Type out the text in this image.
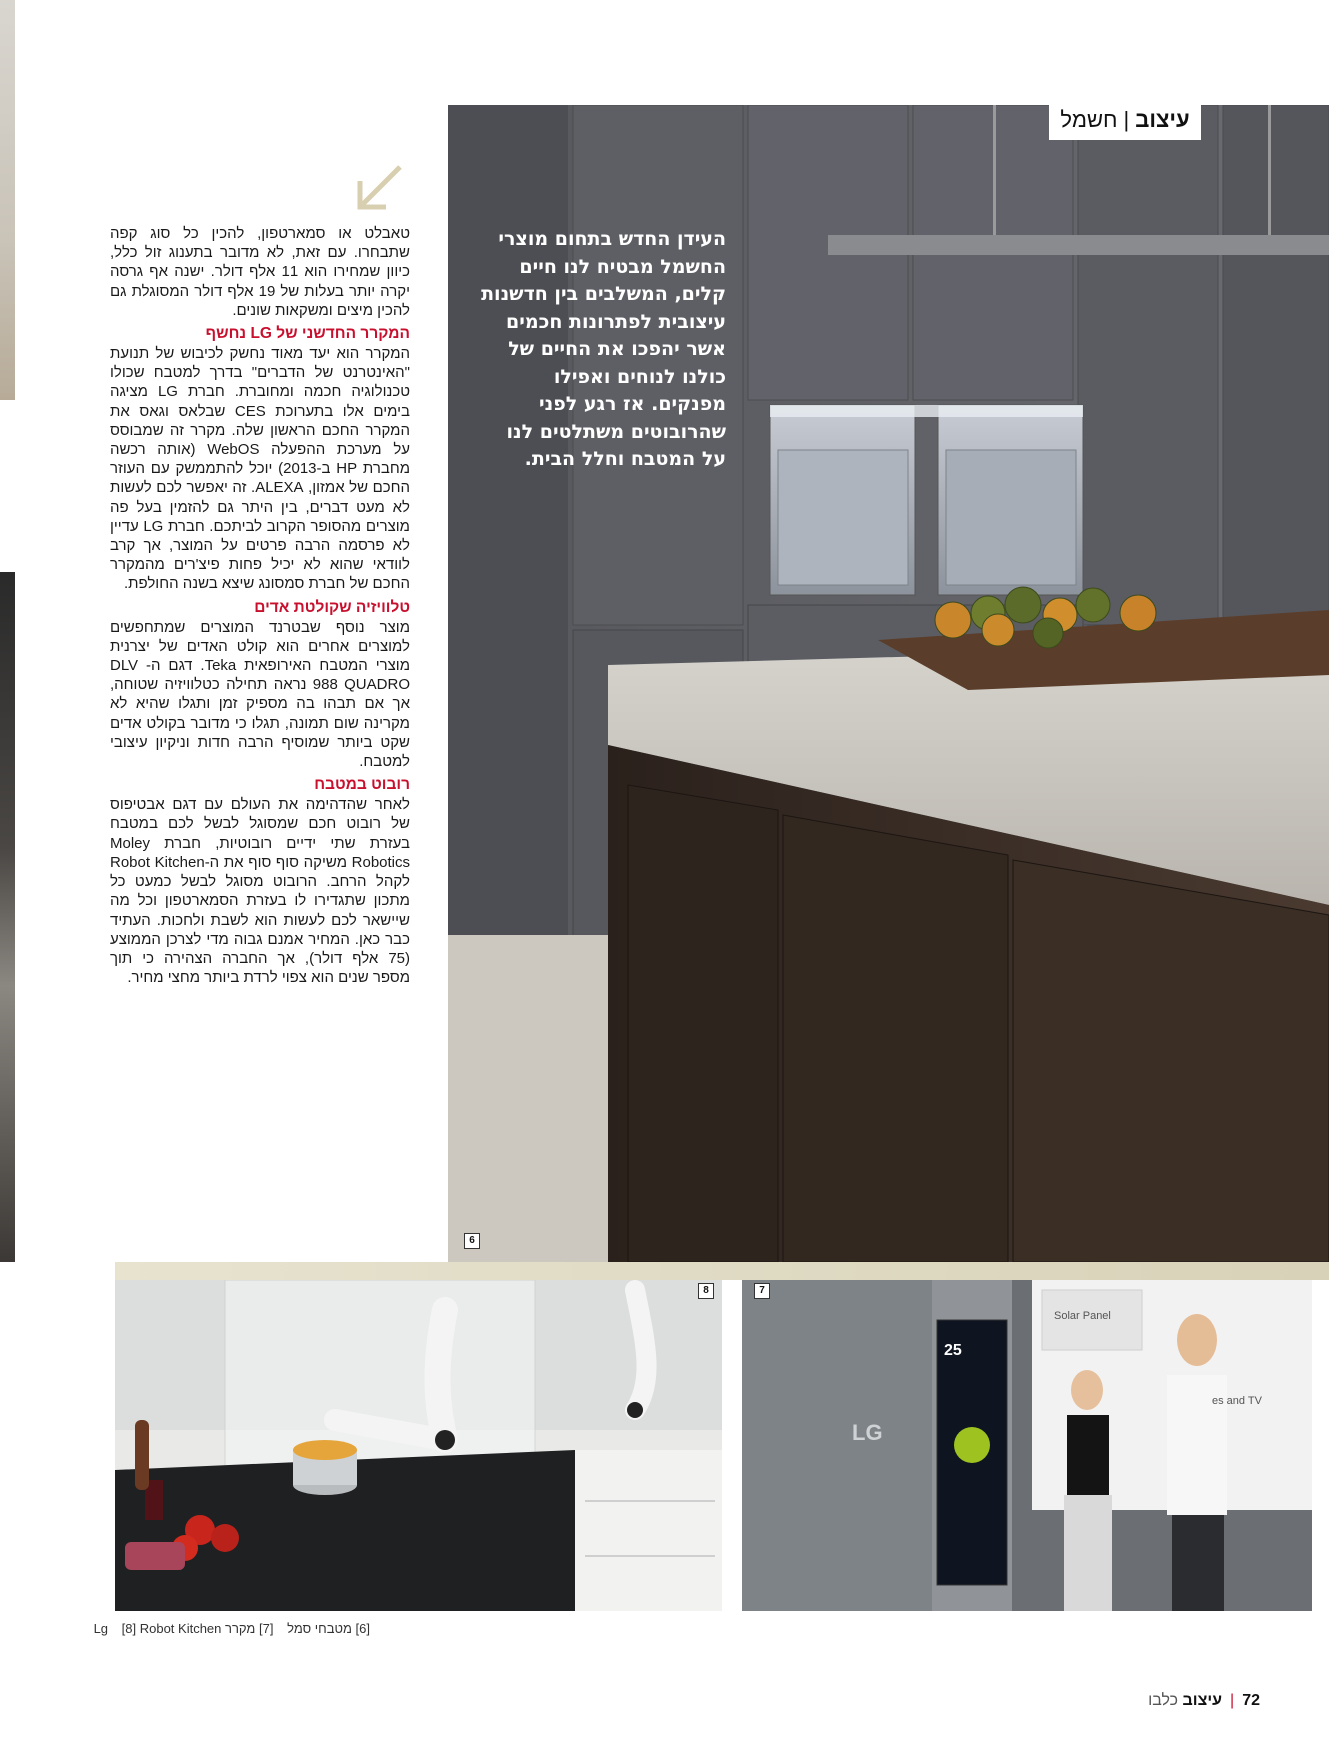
עיצוב|חשמל
העידן החדש בתחום מוצרי החשמל מבטיח לנו חיים קלים, המשלבים בין חדשנות עיצובית לפתרונות חכמים אשר יהפכו את החיים של כולנו לנוחים ואפילו מפנקים. אז רגע לפני שהרובוטים משתלטים לנו על המטבח וחלל הבית.
6

טאבלט או סמארטפון, להכין כל סוג קפה שתבחרו. עם זאת, לא מדובר בתענוג זול כלל, כיוון שמחירו הוא 11 אלף דולר. ישנה אף גרסה יקרה יותר בעלות של 19 אלף דולר המסוגלת גם להכין מיצים ומשקאות שונים.

המקרר החדשני של LG נחשף

המקרר הוא יעד מאוד נחשק לכיבוש של תנועת "האינטרנט של הדברים" בדרך למטבח שכולו טכנולוגיה חכמה ומחוברת. חברת LG מציגה בימים אלו בתערוכת CES שבלאס וגאס את המקרר החכם הראשון שלה. מקרר זה שמבוסס על מערכת ההפעלה WebOS (אותה רכשה מחברת HP ב-2013) יוכל להתממשק עם העוזר החכם של אמזון, ALEXA. זה יאפשר לכם לעשות לא מעט דברים, בין היתר גם להזמין בעל פה מוצרים מהסופר הקרוב לביתכם. חברת LG עדיין לא פרסמה הרבה פרטים על המוצר, אך קרב לוודאי שהוא לא יכיל פחות פיצ'רים מהמקרר החכם של חברת סמסונג שיצא בשנה החולפת.

טלוויזיה שקולטת אדים

מוצר נוסף שבטרנד המוצרים שמתחפשים למוצרים אחרים הוא קולט האדים של יצרנית מוצרי המטבח האירופאית Teka. דגם ה- DLV 988 QUADRO נראה תחילה כטלוויזיה שטוחה, אך אם תבהו בה מספיק זמן ותגלו שהיא לא מקרינה שום תמונה, תגלו כי מדובר בקולט אדים שקט ביותר שמוסיף הרבה חדות וניקיון עיצובי למטבח.

רובוט במטבח

לאחר שהדהימה את העולם עם דגם אבטיפוס של רובוט חכם שמסוגל לבשל לכם במטבח בעזרת שתי ידיים רובוטיות, חברת Moley Robotics משיקה סוף סוף את ה-Robot Kitchen לקהל הרחב. הרובוט מסוגל לבשל כמעט כל מתכון שתגדירו לו בעזרת הסמארטפון וכל מה שיישאר לכם לעשות הוא לשבת ולחכות. העתיד כבר כאן. המחיר אמנם גבוה מדי לצרכן הממוצע (75 אלף דולר), אך החברה הצהירה כי תוך מספר שנים הוא צפוי לרדת ביותר מחצי מחיר.

25
LG
Solar Panel
es and TV
8	7
[6] מטבחי סמל [7] מקרר Lg [8] Robot Kitchen
72|עיצוב כלבו
